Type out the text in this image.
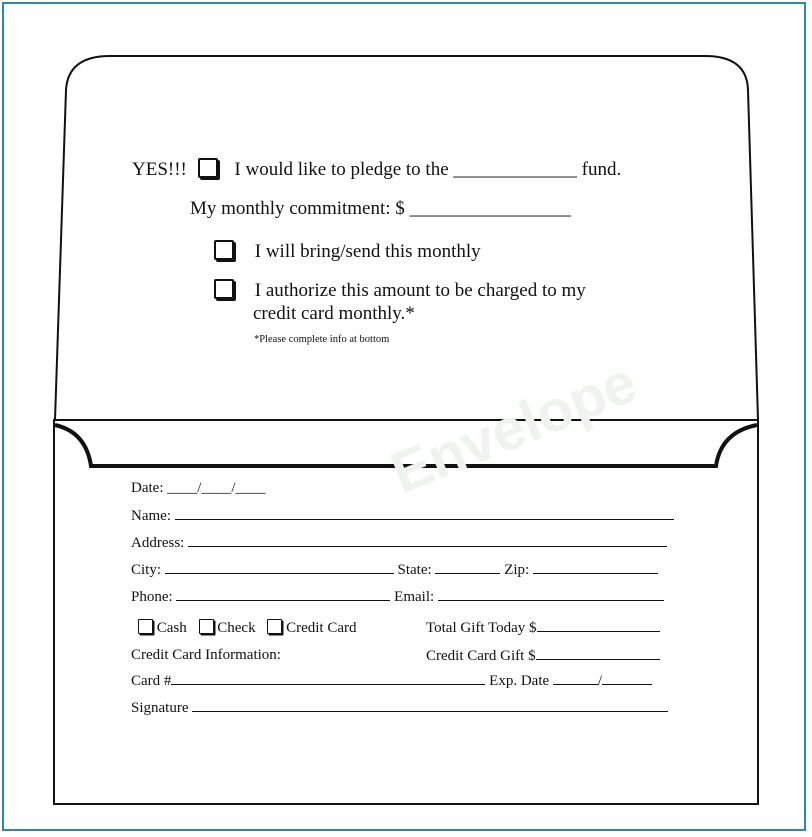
Envelope
YES!!!	I would like to pledge to the _____________ fund.
My monthly commitment: $ _________________
I will bring/send this monthly
I authorize this amount to be charged to my
credit card monthly.*
*Please complete info at bottom
Date: ____/____/____
Name:
Address:
City:	State:	Zip:
Phone:	Email:
Cash Check Credit Card	Total Gift Today $
Credit Card Information:	Credit Card Gift $
Card #	Exp. Date	/
Signature
